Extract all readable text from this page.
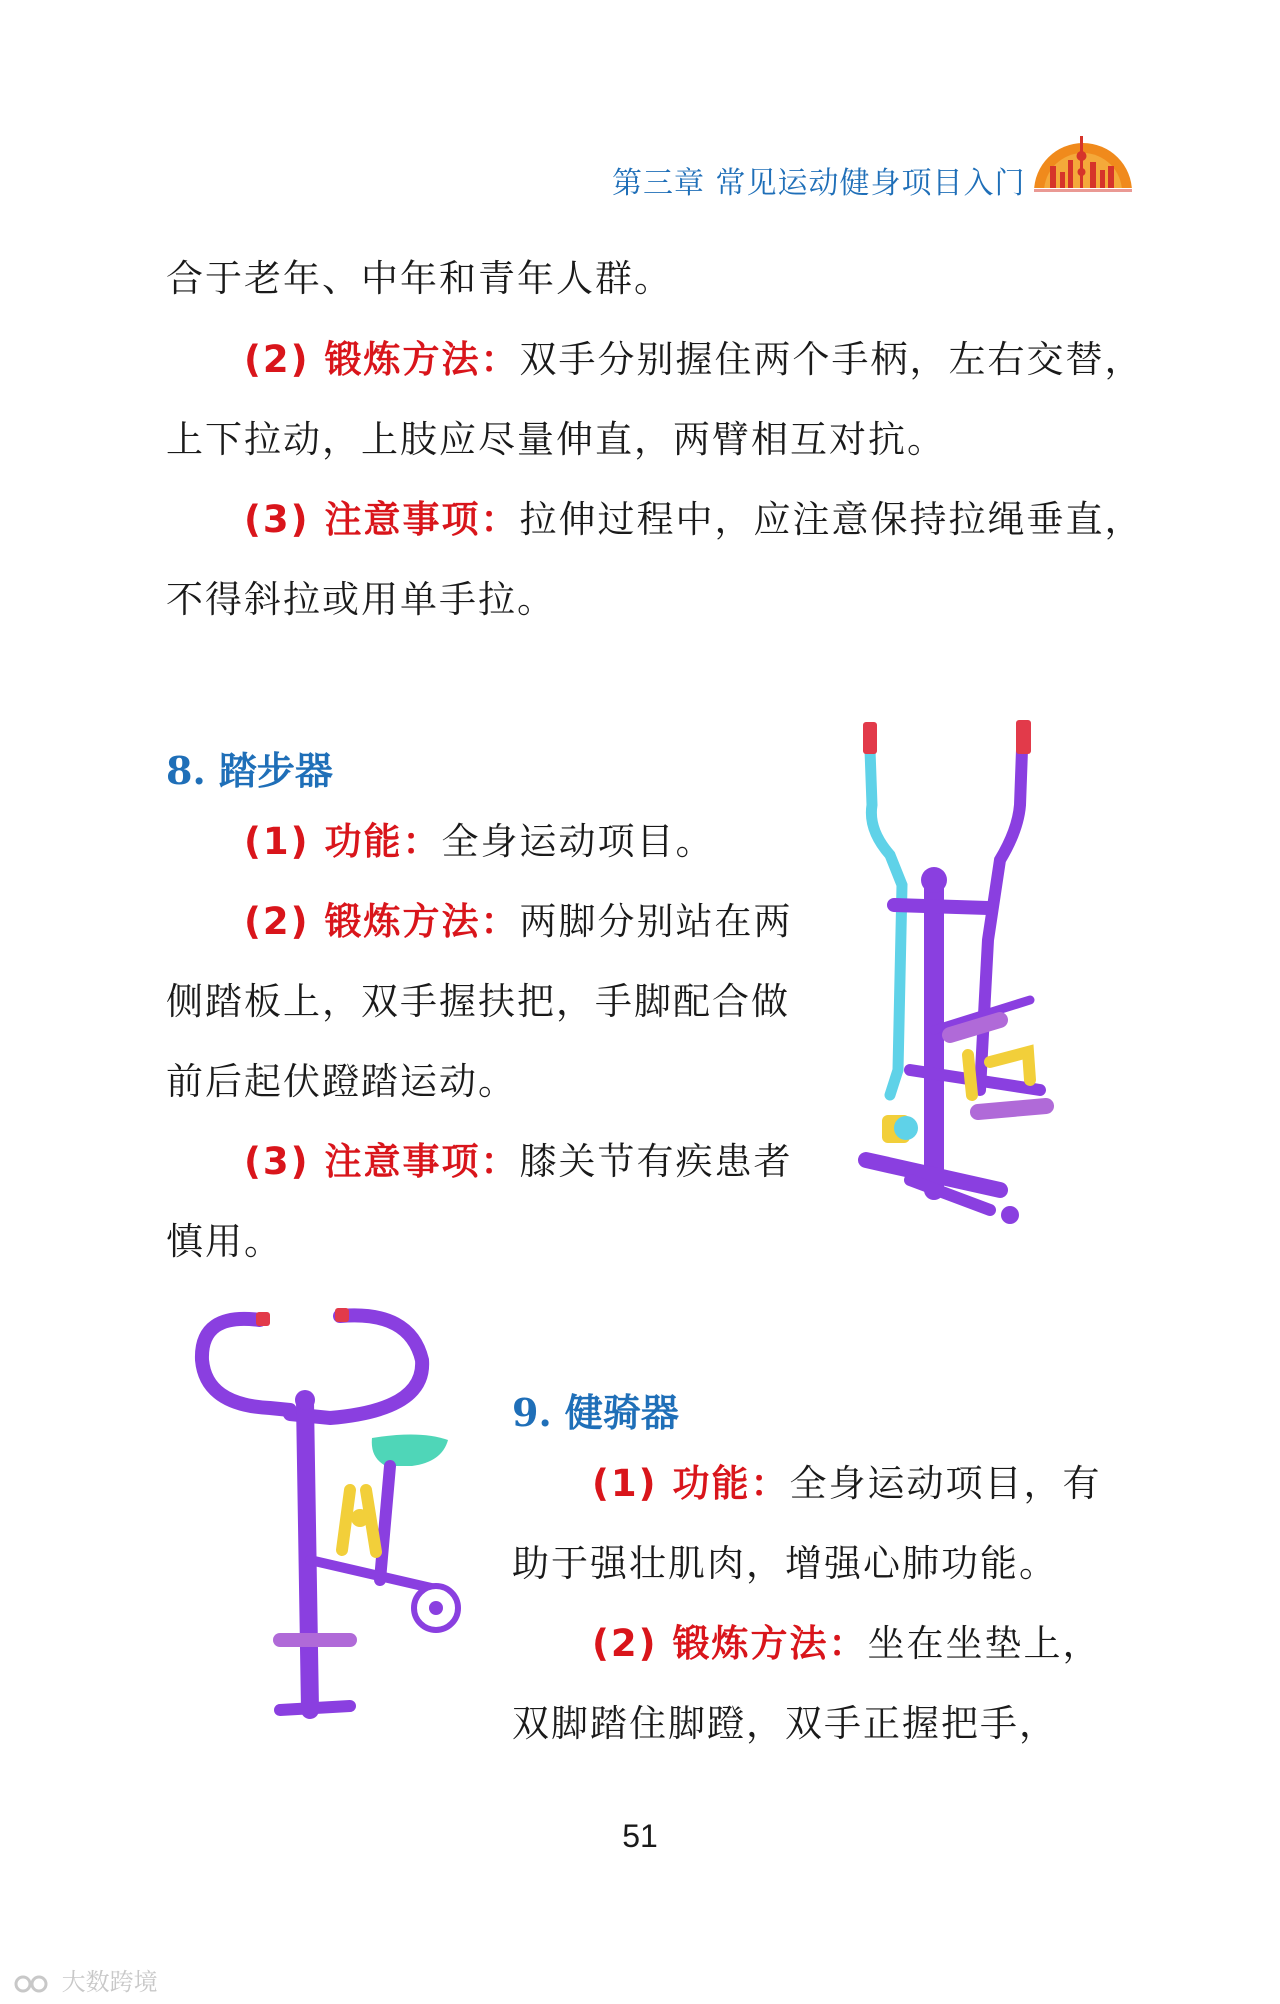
第三章 常见运动健身项目入门
合于老年、中年和青年人群。
(2) 锻炼方法：双手分别握住两个手柄，左右交替，
上下拉动，上肢应尽量伸直，两臂相互对抗。
(3) 注意事项：拉伸过程中，应注意保持拉绳垂直，
不得斜拉或用单手拉。
8. 踏步器
(1) 功能：全身运动项目。
(2) 锻炼方法：两脚分别站在两
侧踏板上，双手握扶把，手脚配合做
前后起伏蹬踏运动。
(3) 注意事项：膝关节有疾患者
慎用。
9. 健骑器
(1) 功能：全身运动项目，有
助于强壮肌肉，增强心肺功能。
(2) 锻炼方法：坐在坐垫上，
双脚踏住脚蹬，双手正握把手，
51
大数跨境
